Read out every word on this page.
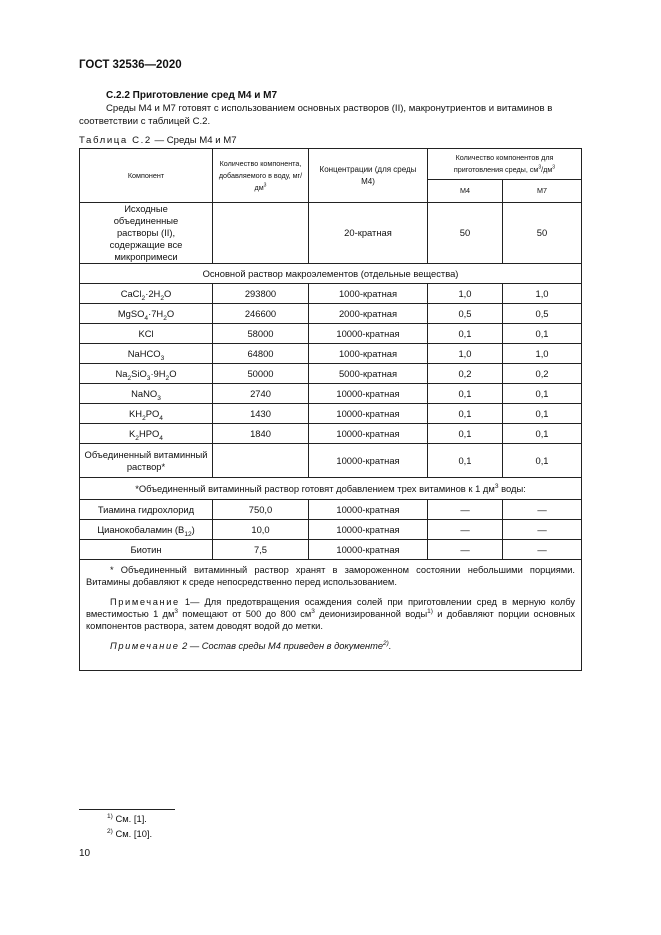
ГОСТ 32536—2020
С.2.2 Приготовление сред М4 и М7
Среды М4 и М7 готовят с использованием основных растворов (II), макронутриентов и витаминов в соответствии с таблицей С.2.
Таблица С.2 — Среды М4 и М7
Компонент	Количество компонента, добавляемого в воду, $мг/дм^3$	Концентрации (для среды М4)	Количество компонентов для приготовления среды, $см^3/дм^3$
			М4	М7
Исходные объединенные растворы (II), содержащие все микропримеси		20-кратная	50	50
Основной раствор макроэлементов (отдельные вещества)				
$CaCl_2\cdot 2H_2O$	293800	1000-кратная	1,0	1,0
$MgSO_4\cdot 7H_2O$	246600	2000-кратная	0,5	0,5
KCl	58000	10000-кратная	0,1	0,1
NaHCO$_3$	64800	1000-кратная	1,0	1,0
$Na_2SiO_3\cdot 9H_2O$	50000	5000-кратная	0,2	0,2
NaNO$_3$	2740	10000-кратная	0,1	0,1
$KH_2PO_4$	1430	10000-кратная	0,1	0,1
$K_2HPO_4$	1840	10000-кратная	0,1	0,1
Объединенный витаминный раствор*		10000-кратная	0,1	0,1
*Объединенный витаминный раствор готовят добавлением трех витаминов к 1 $дм^3$ воды:				
Тиамина гидрохлорид	750,0	10000-кратная	—	—
Цианокобаламин $(B_{12})$	10,0	10000-кратная	—	—
Биотин	7,5	10000-кратная	—	—

* Объединенный витаминный раствор хранят в замороженном состоянии небольшими порциями. Витамины добавляют к среде непосредственно перед использованием.

Примечание 1— Для предотвращения осаждения солей при приготовлении сред в мерную колбу вместимостью 1 $дм^3$ помещают от 500 до 800 $см^3$ деионизированной воды$^{1)}$ и добавляют порции основных компонентов раствора, затем доводят водой до метки.

Примечание 2 — Состав среды М4 приведен в документе$^{2)}$.				

$^{1)}$ См. [1].
$^{2)}$ См. [10].
10
